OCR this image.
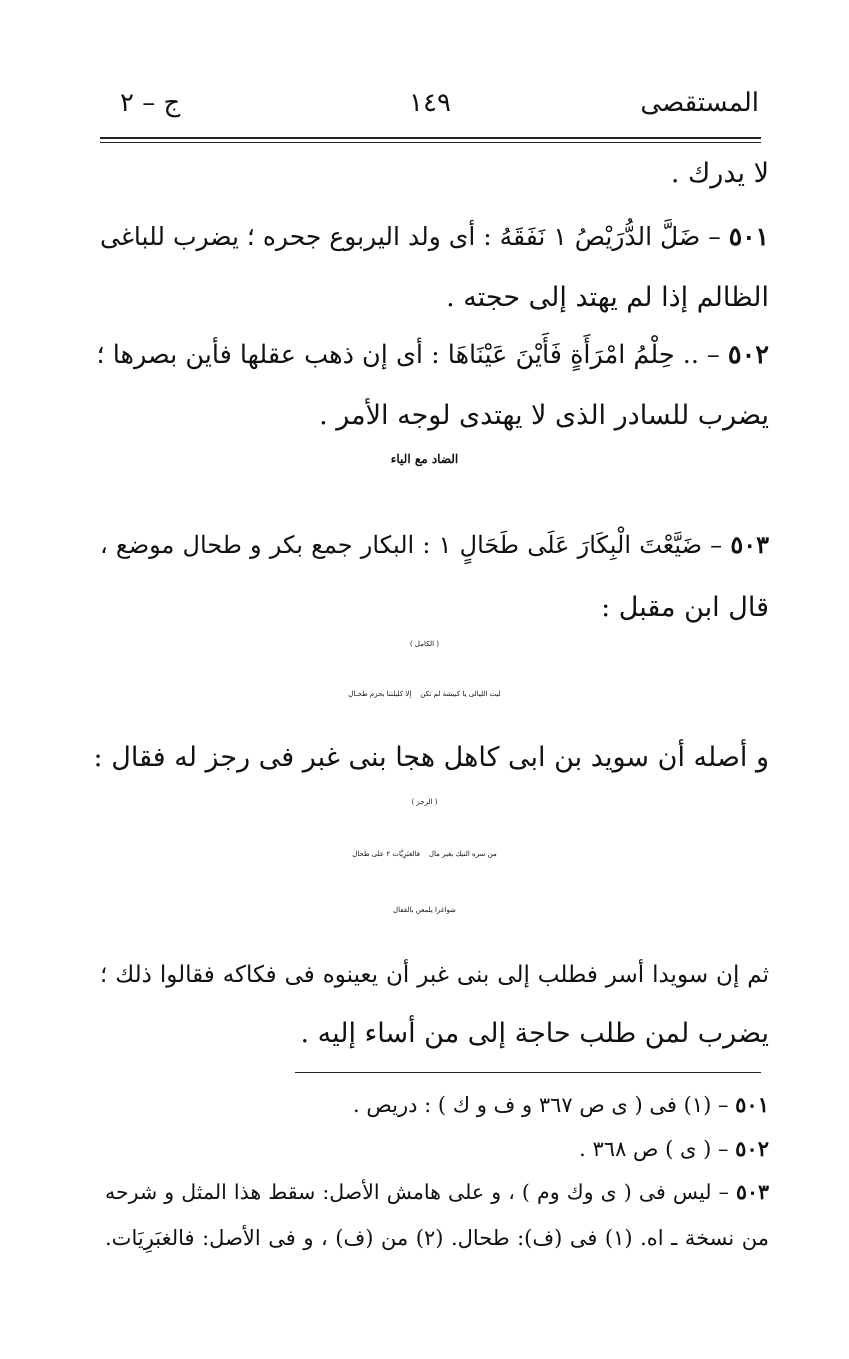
المستقصى
١٤٩
ج – ٢
لا يدرك .
٥٠١ – ضَلَّ الدُّرَيْصُ ١ نَفَقَهُ : أى ولد اليربوع جحره ؛ يضرب للباغى
الظالم إذا لم يهتد إلى حجته .
٥٠٢ – .. حِلْمُ امْرَأَةٍ فَأَيْنَ عَيْنَاهَا : أى إن ذهب عقلها فأين بصرها ؛
يضرب للسادر الذى لا يهتدى لوجه الأمر .
الضاد مع الياء
٥٠٣ – ضَيَّعْتَ الْبِكَارَ عَلَى طَحَالٍ ١ : البكار جمع بكر و طحال موضع ،
قال ابن مقبل :
( الكامل )
ليت الليالى يا كبيشة لم تكن    إلا كليلتنا بحزم طحـال
و أصله أن سويد بن ابى كاهل هجا بنى غبر فى رجز له فقال :
( الرجز )
من سره النيك بغير مال    فالغبَرِيَّات ٢ على طحال
شواغرا يلمعن بالقفال
ثم إن سويدا أسر فطلب إلى بنى غبر أن يعينوه فى فكاكه فقالوا ذلك ؛
يضرب لمن طلب حاجة إلى من أساء إليه .
٥٠١ – (١) فى ( ى ص ٣٦٧ و ف و ك ) : دريص .
٥٠٢ – ( ى ) ص ٣٦٨ .
٥٠٣ – ليس فى ( ى وك وم ) ، و على هامش الأصل: سقط هذا المثل و شرحه
من نسخة ـ اه. (١) فى (ف): طحال. (٢) من (ف) ، و فى الأصل: فالغبَرِيَات.
